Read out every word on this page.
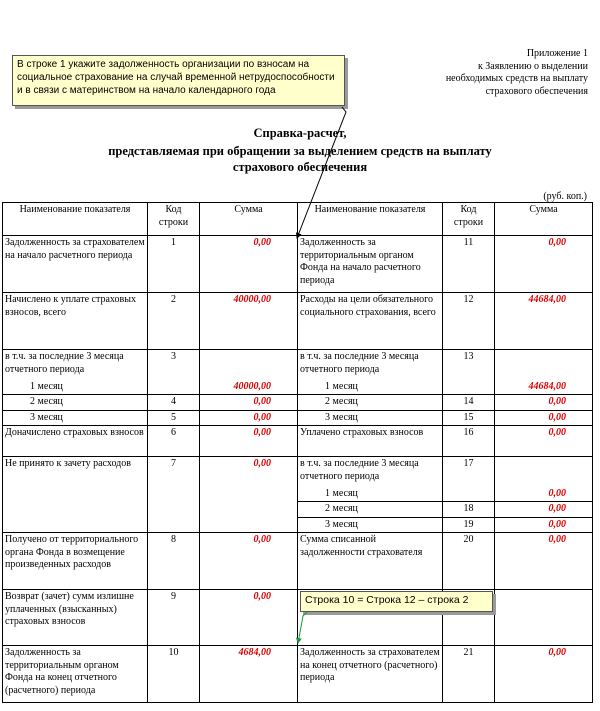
В строке 1 укажите задолженность организации по взносам на социальное страхование на случай временной нетрудоспособности и в связи с материнством на начало календарного года
Приложение 1
к Заявлению о выделении
необходимых средств на выплату
страхового обеспечения
Справка-расчет,
представляемая при обращении за выделением средств на выплату
страхового обеспечения
(руб. коп.)
Наименование показателя	Код строки	Сумма	Наименование показателя	Код строки	Сумма
Задолженность за страхователем на начало расчетного периода	1	0,00	Задолженность за территориальным органом Фонда на начало расчетного периода	11	0,00
Начислено к уплате страховых взносов, всего	2	40000,00	Расходы на цели обязательного социального страхования, всего	12	44684,00
в т.ч. за последние 3 месяца отчетного периода	3		в т.ч. за последние 3 месяца отчетного периода	13	
1 месяц		40000,00	1 месяц		44684,00
2 месяц	4	0,00	2 месяц	14	0,00
3 месяц	5	0,00	3 месяц	15	0,00
Доначислено страховых взносов	6	0,00	Уплачено страховых взносов	16	0,00
Не принято к зачету расходов	7	0,00	в т.ч. за последние 3 месяца отчетного периода	17	
			1 месяц		0,00
			2 месяц	18	0,00
			3 месяц	19	0,00
Получено от территориального органа Фонда в возмещение произведенных расходов	8	0,00	Сумма списанной задолженности страхователя	20	0,00
Возврат (зачет) сумм излишне уплаченных (взысканных) страховых взносов	9	0,00			
Задолженность за территориальным органом Фонда на конец отчетного (расчетного) периода	10	4684,00	Задолженность за страхователем на конец отчетного (расчетного) периода	21	0,00
Строка 10 = Строка 12 – строка 2
